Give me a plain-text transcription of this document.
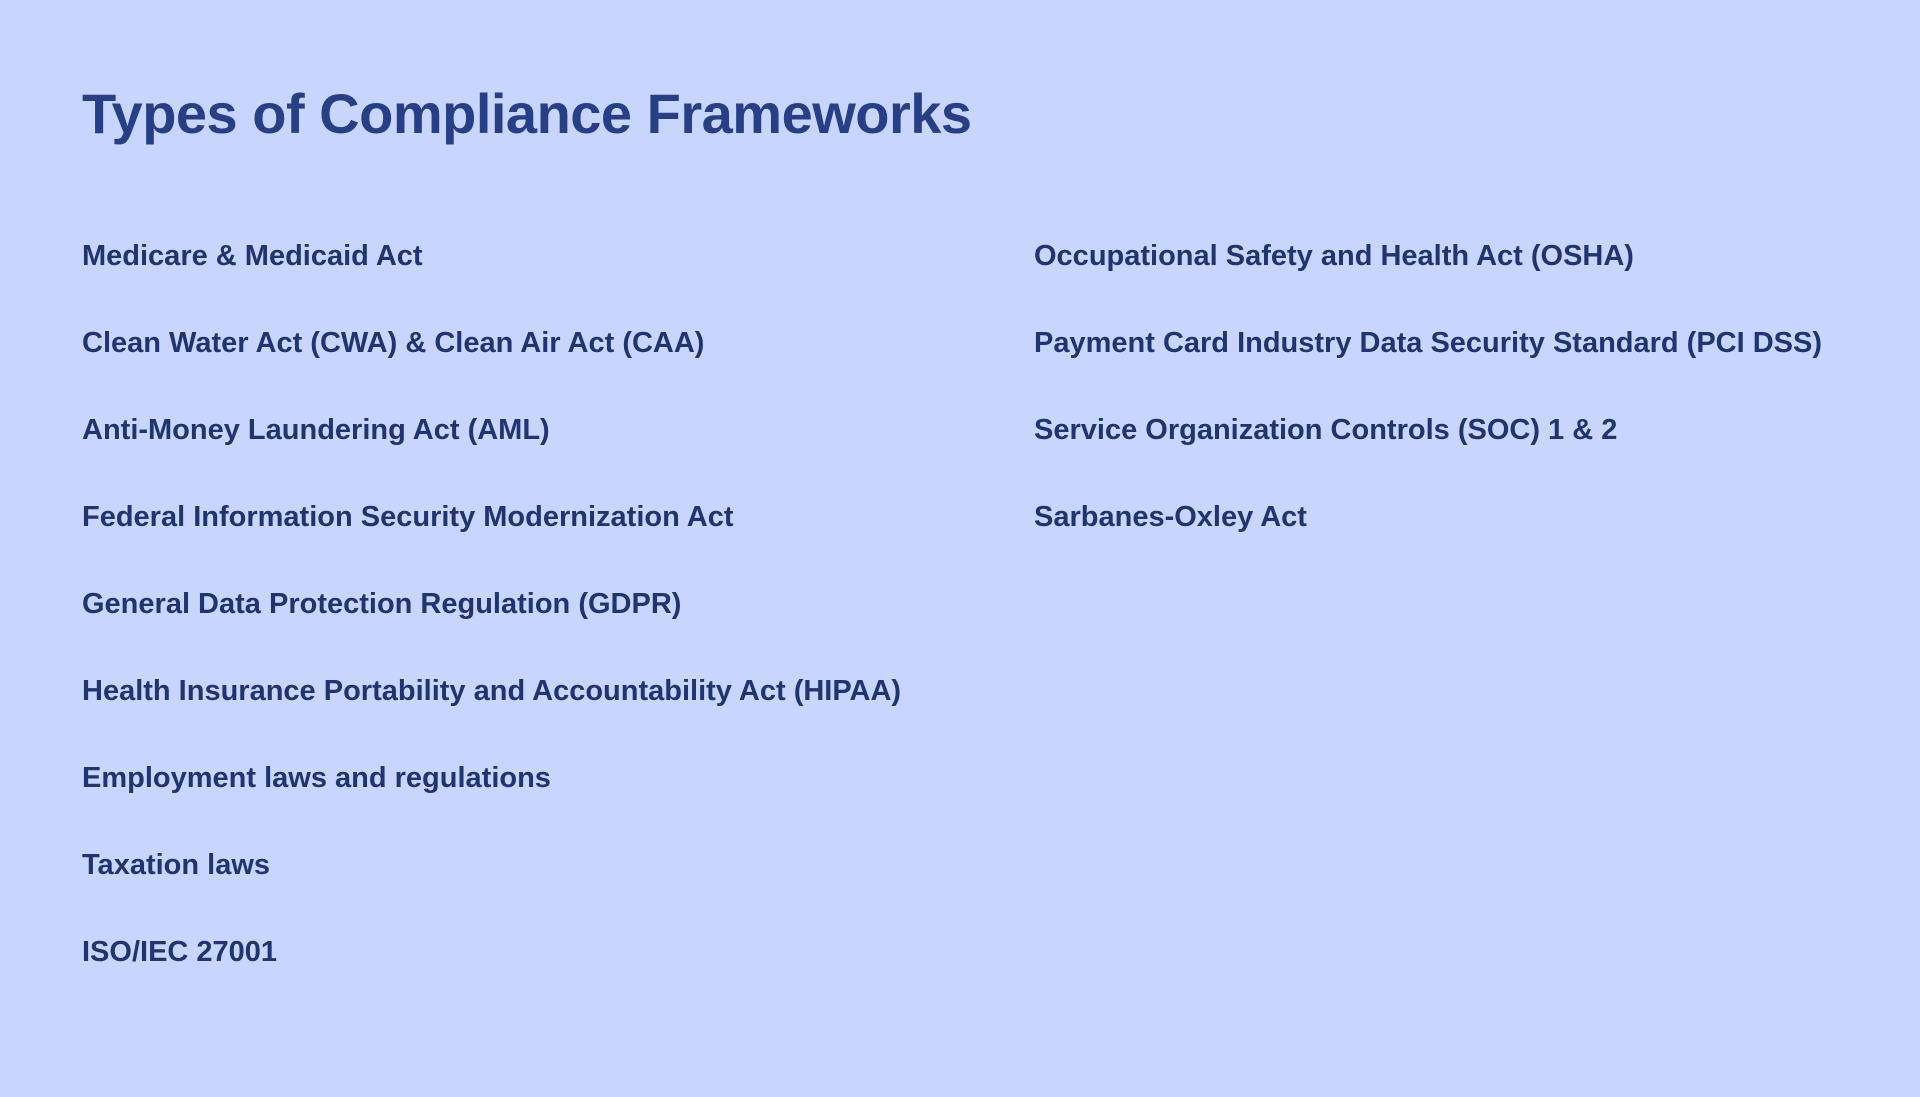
Types of Compliance Frameworks
Medicare & Medicaid Act
Clean Water Act (CWA) & Clean Air Act (CAA)
Anti-Money Laundering Act (AML)
Federal Information Security Modernization Act
General Data Protection Regulation (GDPR)
Health Insurance Portability and Accountability Act (HIPAA)
Employment laws and regulations
Taxation laws
ISO/IEC 27001
Occupational Safety and Health Act (OSHA)
Payment Card Industry Data Security Standard (PCI DSS)
Service Organization Controls (SOC) 1 & 2
Sarbanes-Oxley Act
